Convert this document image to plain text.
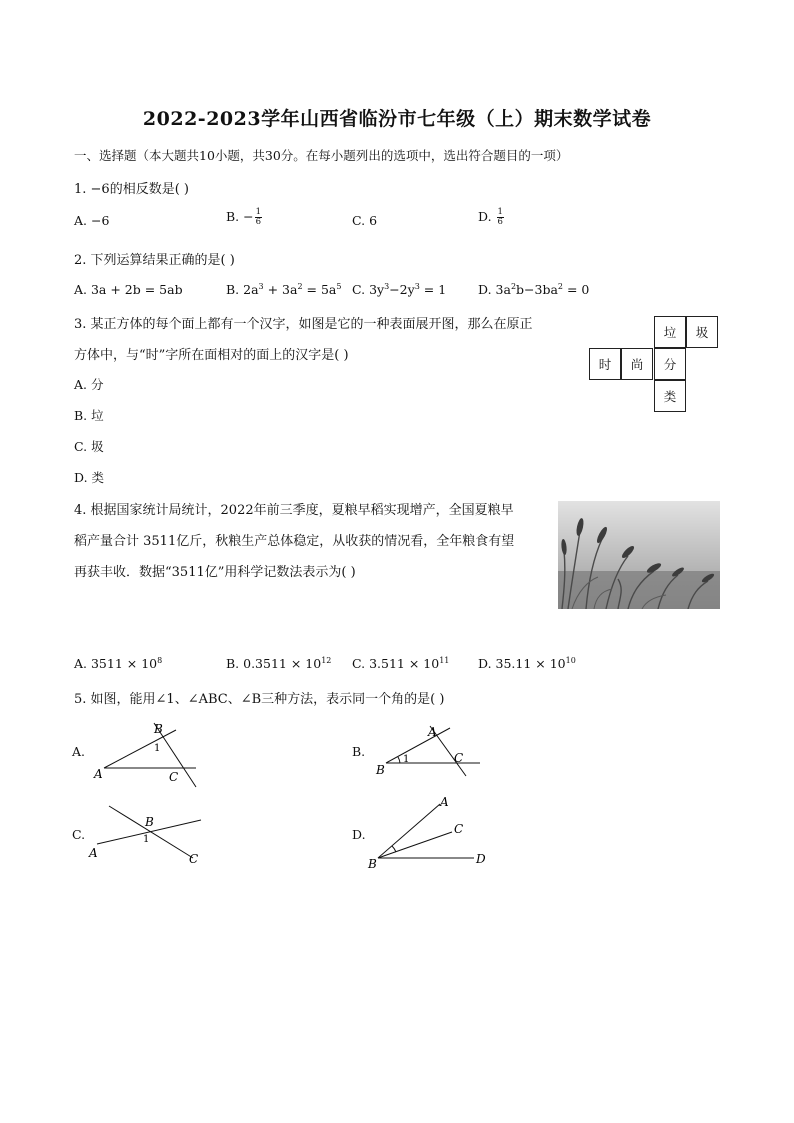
2022-2023学年山西省临汾市七年级（上）期末数学试卷
一、选择题（本大题共10小题，共30分。在每小题列出的选项中，选出符合题目的一项）
1. −6的相反数是( )
A. −6	B. − $\frac{1}{6}$	C. 6	D. $\frac{1}{6}$
2. 下列运算结果正确的是( )
A. 3a + 2b = 5ab	B. $2a^3 + 3a^2 = 5a^5$ C. $3y^3-2y^3 = 1$	D. $3a^2b-3ba^2 = 0$
3. 某正方体的每个面上都有一个汉字，如图是它的一种表面展开图，那么在原正
方体中，与“时”字所在面相对的面上的汉字是( )
A. 分
B. 垃
C. 圾
D. 类
垃	圾
时	尚	分
类
4. 根据国家统计局统计，2022年前三季度，夏粮早稻实现增产，全国夏粮早
稻产量合计 3511亿斤，秋粮生产总体稳定，从收获的情况看，全年粮食有望
再获丰收．数据“3511亿”用科学记数法表示为( )
A. $3511 \times 10^8$	B. $0.3511 \times 10^{12}$ C. $3.511 \times 10^{11}$ D. $35.11 \times 10^{10}$
5. 如图，能用∠1、∠ABC、∠B三种方法，表示同一个角的是( )
A.	B.
C.	D.
B
A	C
1
A
B
C
1
B
A	C
1
A
C
B	D
